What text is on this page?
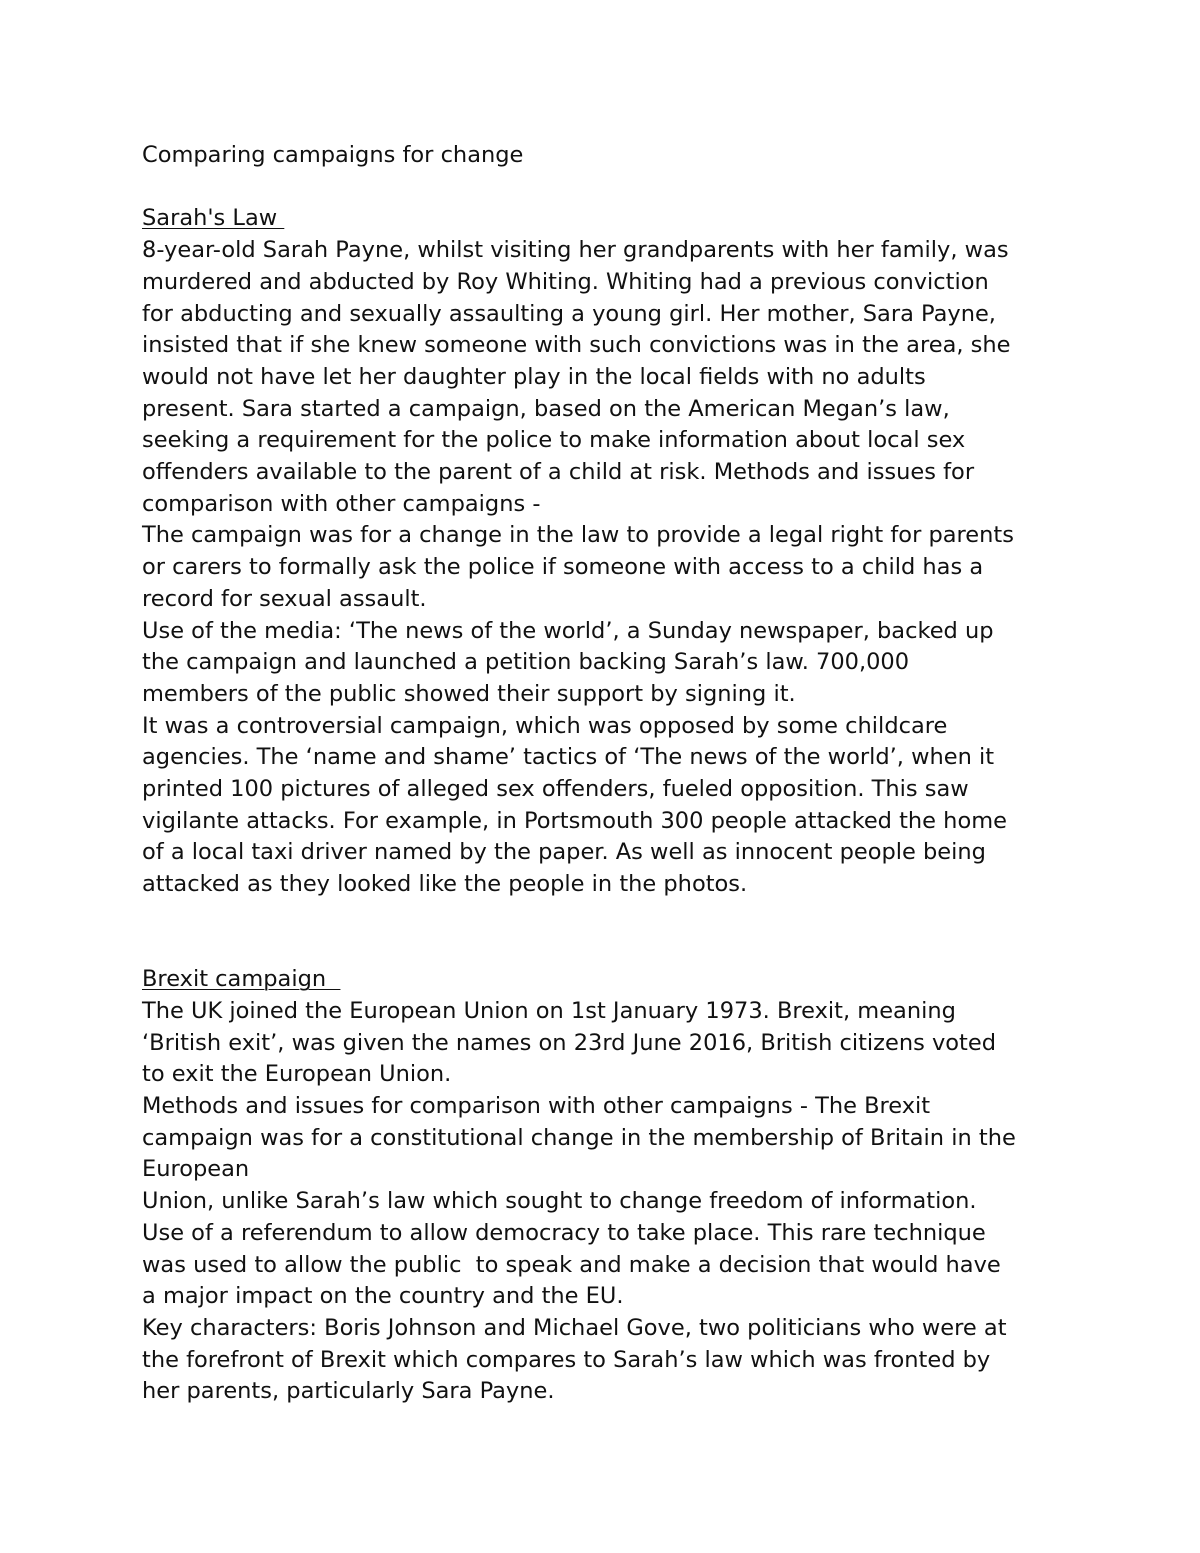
Comparing campaigns for change
Sarah's Law
8-year-old Sarah Payne, whilst visiting her grandparents with her family, was
murdered and abducted by Roy Whiting. Whiting had a previous conviction
for abducting and sexually assaulting a young girl. Her mother, Sara Payne,
insisted that if she knew someone with such convictions was in the area, she
would not have let her daughter play in the local fields with no adults
present. Sara started a campaign, based on the American Megan’s law,
seeking a requirement for the police to make information about local sex
offenders available to the parent of a child at risk. Methods and issues for
comparison with other campaigns -
The campaign was for a change in the law to provide a legal right for parents
or carers to formally ask the police if someone with access to a child has a
record for sexual assault.
Use of the media: ‘The news of the world’, a Sunday newspaper, backed up
the campaign and launched a petition backing Sarah’s law. 700,000
members of the public showed their support by signing it.
It was a controversial campaign, which was opposed by some childcare
agencies. The ‘name and shame’ tactics of ‘The news of the world’, when it
printed 100 pictures of alleged sex offenders, fueled opposition. This saw
vigilante attacks. For example, in Portsmouth 300 people attacked the home
of a local taxi driver named by the paper. As well as innocent people being
attacked as they looked like the people in the photos.
Brexit campaign
The UK joined the European Union on 1st January 1973. Brexit, meaning
‘British exit’, was given the names on 23rd June 2016, British citizens voted
to exit the European Union.
Methods and issues for comparison with other campaigns - The Brexit
campaign was for a constitutional change in the membership of Britain in the
European
Union, unlike Sarah’s law which sought to change freedom of information.
Use of a referendum to allow democracy to take place. This rare technique
was used to allow the public  to speak and make a decision that would have
a major impact on the country and the EU.
Key characters: Boris Johnson and Michael Gove, two politicians who were at
the forefront of Brexit which compares to Sarah’s law which was fronted by
her parents, particularly Sara Payne.
